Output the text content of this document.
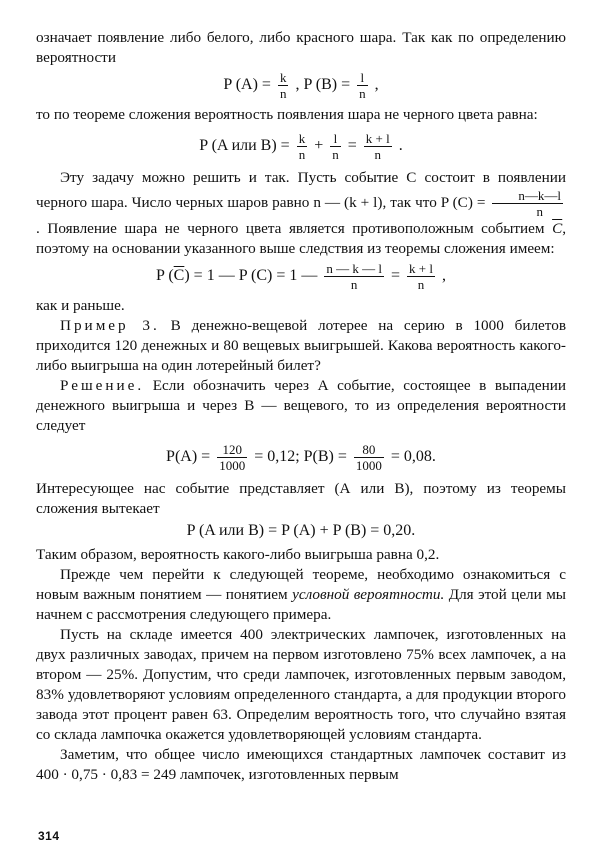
означает появление либо белого, либо красного шара. Так как по определению вероятности

P $(A) = \frac{k}{n}$ , P $(B) = \frac{l}{n}$ ,

то по теореме сложения вероятность появления шара не черного цвета равна:

P (A или $B) = \frac{k}{n} + \frac{l}{n} = \frac{k + l}{n}$ .

Эту задачу можно решить и так. Пусть событие С состоит в появлении черного шара. Число черных шаров равно n — (k + l), так что P $(C) = \frac{n—k—l}{n}$
. Появление шара не черного цвета является противоположным событием $\overline{C}$, поэтому на основании указанного выше следствия из теоремы сложения имеем:

P $(\overline{C}) = 1$ — P (C) = 1 — $\frac{n — k — l}{n} = \frac{k + l}{n}$ ,

как и раньше.

Пример 3. В денежно-вещевой лотерее на серию в 1000 билетов приходится 120 денежных и 80 вещевых выигрышей. Какова вероятность какого-либо выигрыша на один лотерейный билет?

Решение. Если обозначить через А событие, состоящее в выпадении денежного выигрыша и через В — вещевого, то из определения вероятности следует

$P(A) = \frac{120}{1000} = 0,12$; $P(B) = \frac{80}{1000} = 0,08$.

Интересующее нас событие представляет (А или В), поэтому из теоремы сложения вытекает

P (A или B) = P (A) + P (B) = 0,20.

Таким образом, вероятность какого-либо выигрыша равна 0,2.

Прежде чем перейти к следующей теореме, необходимо ознакомиться с новым важным понятием — понятием условной вероятности. Для этой цели мы начнем с рассмотрения следующего примера.

Пусть на складе имеется 400 электрических лампочек, изготовленных на двух различных заводах, причем на первом изготовлено 75% всех лампочек, а на втором — 25%. Допустим, что среди лампочек, изготовленных первым заводом, 83% удовлетворяют условиям определенного стандарта, а для продукции второго завода этот процент равен 63. Определим вероятность того, что случайно взятая со склада лампочка окажется удовлетворяющей условиям стандарта.

Заметим, что общее число имеющихся стандартных лампочек составит из 400 · 0,75 · 0,83 = 249 лампочек, изготовленных первым

314
